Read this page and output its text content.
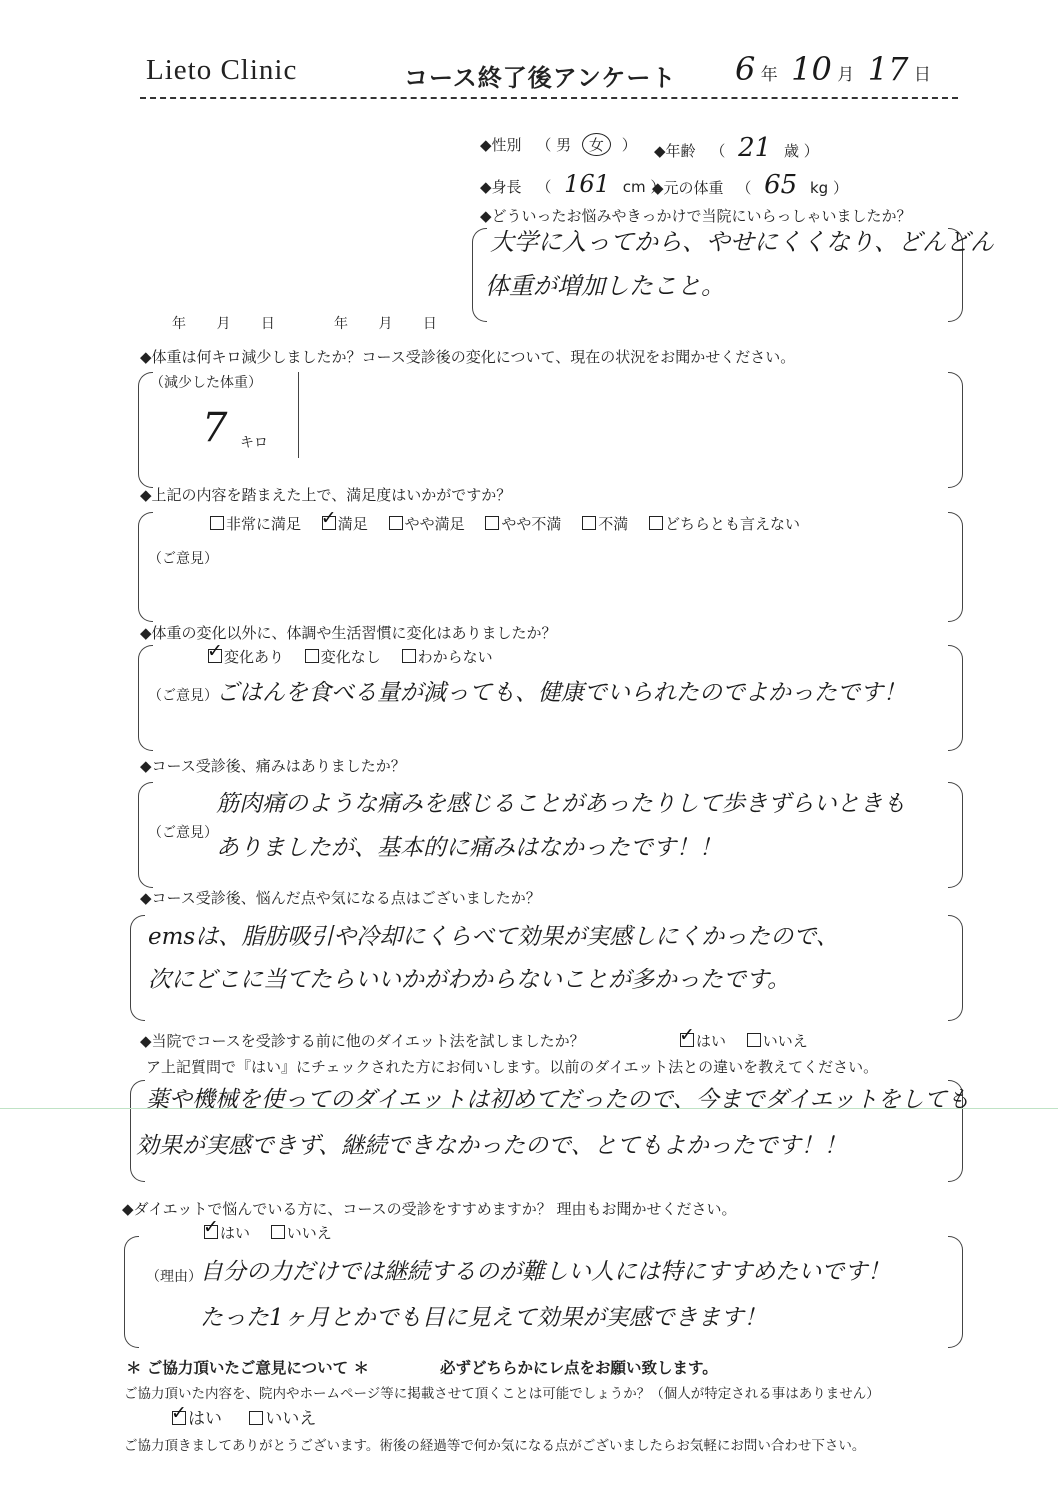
Lieto Clinic	コース終了後アンケート 6 年 10 月 17 日
◆性別 （ 男 女 ） ◆年齢 （ 21 歳 ）
◆身長 （ 161 cm ）
◆元の体重 （ 65 kg ）
◆どういったお悩みやきっかけで当院にいらっしゃいましたか？
大学に入ってから、やせにくくなり、どんどん
体重が増加したこと。
年 月 日	年 月 日
◆体重は何キロ減少しましたか？コース受診後の変化について、現在の状況をお聞かせください。
（減少した体重）
7 キロ
◆上記の内容を踏まえた上で、満足度はいかがですか？
非常に満足 ✓ 満足 やや満足 やや不満 不満 どちらとも言えない
（ご意見）
◆体重の変化以外に、体調や生活習慣に変化はありましたか？
✓変化あり 変化なし わからない
（ご意見）
ごはんを食べる量が減っても、健康でいられたのでよかったです！
◆コース受診後、痛みはありましたか？
（ご意見）
筋肉痛のような痛みを感じることがあったりして歩きずらいときも
ありましたが、基本的に痛みはなかったです！！
◆コース受診後、悩んだ点や気になる点はございましたか？
emsは、脂肪吸引や冷却にくらべて効果が実感しにくかったので、
次にどこに当てたらいいかがわからないことが多かったです。
◆当院でコースを受診する前に他のダイエット法を試しましたか？ ✓	はい いいえ
ア上記質問で『はい』にチェックされた方にお伺いします。以前のダイエット法との違いを教えてください。
薬や機械を使ってのダイエットは初めてだったので、今までダイエットをしても
効果が実感できず、継続できなかったので、とてもよかったです！！
◆ダイエットで悩んでいる方に、コースの受診をすすめますか？ 理由もお聞かせください。
✓はい いいえ
（理由）
自分の力だけでは継続するのが難しい人には特にすすめたいです！
たった1ヶ月とかでも目に見えて効果が実感できます！
＊ ご協力頂いたご意見について ＊	必ずどちらかにレ点をお願い致します。
ご協力頂いた内容を、院内やホームページ等に掲載させて頂くことは可能でしょうか？（個人が特定される事はありません）
✓はい	いいえ
ご協力頂きましてありがとうございます。術後の経過等で何か気になる点がございましたらお気軽にお問い合わせ下さい。
